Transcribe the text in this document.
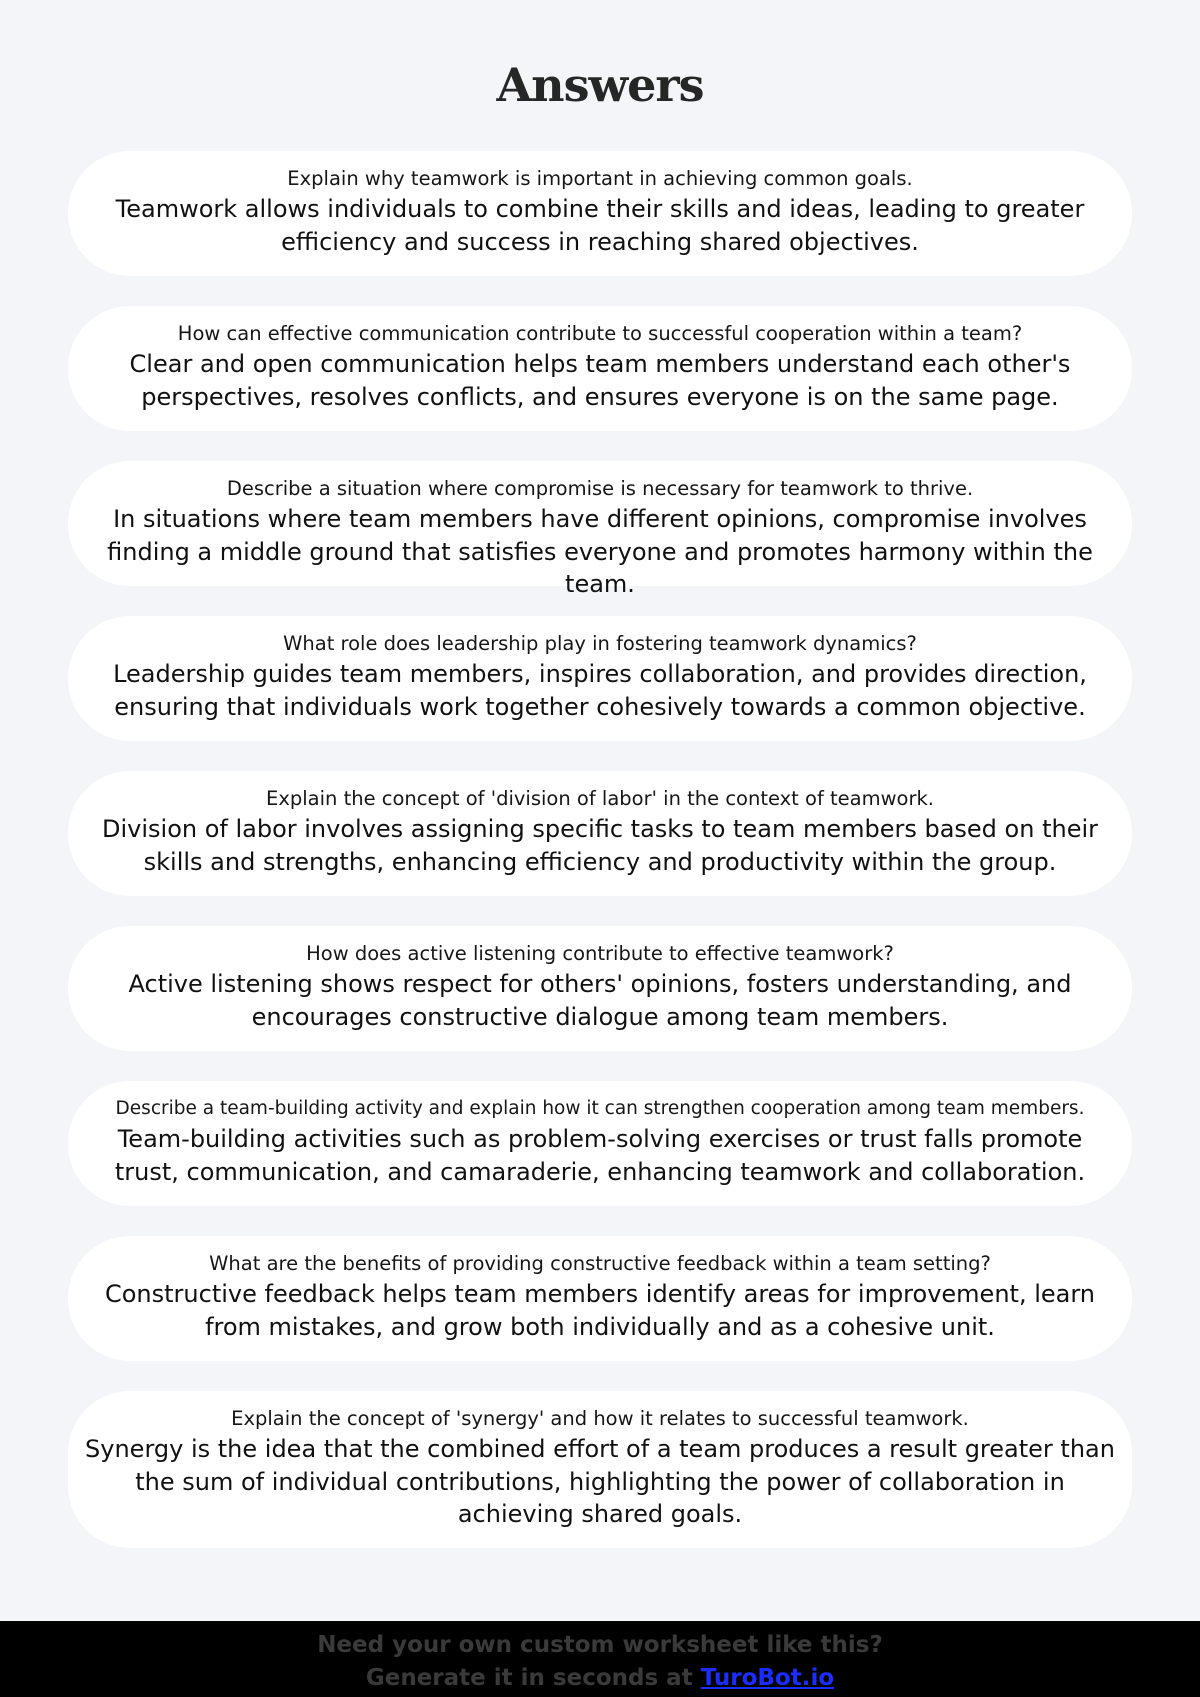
Answers
Explain why teamwork is important in achieving common goals.
Teamwork allows individuals to combine their skills and ideas, leading to greater efficiency and success in reaching shared objectives.
How can effective communication contribute to successful cooperation within a team?
Clear and open communication helps team members understand each other's perspectives, resolves conflicts, and ensures everyone is on the same page.
Describe a situation where compromise is necessary for teamwork to thrive.
In situations where team members have different opinions, compromise involves finding a middle ground that satisfies everyone and promotes harmony within the team.
What role does leadership play in fostering teamwork dynamics?
Leadership guides team members, inspires collaboration, and provides direction, ensuring that individuals work together cohesively towards a common objective.
Explain the concept of 'division of labor' in the context of teamwork.
Division of labor involves assigning specific tasks to team members based on their skills and strengths, enhancing efficiency and productivity within the group.
How does active listening contribute to effective teamwork?
Active listening shows respect for others' opinions, fosters understanding, and encourages constructive dialogue among team members.
Describe a team-building activity and explain how it can strengthen cooperation among team members.
Team-building activities such as problem-solving exercises or trust falls promote trust, communication, and camaraderie, enhancing teamwork and collaboration.
What are the benefits of providing constructive feedback within a team setting?
Constructive feedback helps team members identify areas for improvement, learn from mistakes, and grow both individually and as a cohesive unit.
Explain the concept of 'synergy' and how it relates to successful teamwork.
Synergy is the idea that the combined effort of a team produces a result greater than the sum of individual contributions, highlighting the power of collaboration in achieving shared goals.
Need your own custom worksheet like this?
Generate it in seconds at TuroBot.io
